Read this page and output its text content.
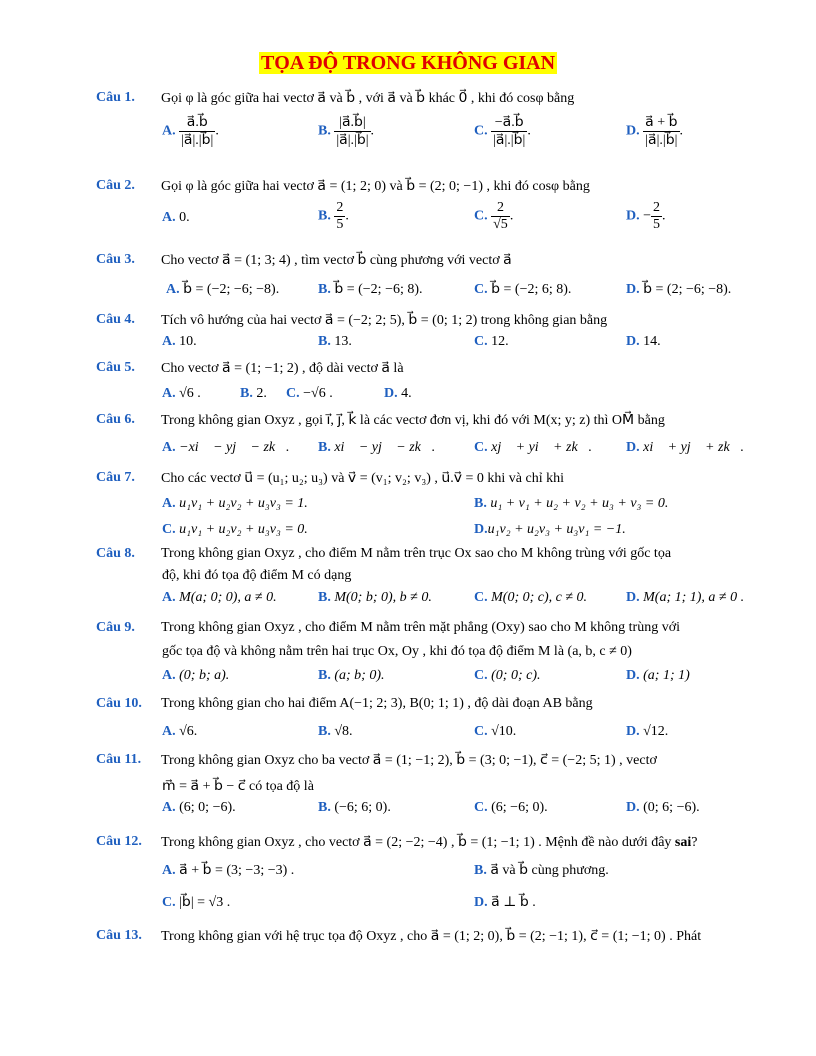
TỌA ĐỘ TRONG KHÔNG GIAN
Câu 1. Gọi φ là góc giữa hai vectơ a⃗ và b⃗ , với a⃗ và b⃗ khác 0⃗ , khi đó cosφ bằng
A. $\frac{a⃗.b⃗}{|a⃗|.|b⃗|}$ .	B. $\frac{|a⃗.b⃗|}{|a⃗|.|b⃗|}$ .	C. $\frac{-a⃗.b⃗}{|a⃗|.|b⃗|}$ .	D. $\frac{a⃗ + b⃗}{|a⃗|.|b⃗|}$ .
Câu 2. Gọi φ là góc giữa hai vectơ a⃗ = (1; 2; 0) và b⃗ = (2; 0; −1) , khi đó cosφ bằng
A. 0.	B. $\frac{2}{5}$ .	C. $\frac{2}{√5}$ .	D. − $\frac{2}{5}$ .
Câu 3. Cho vectơ a⃗ = (1; 3; 4) , tìm vectơ b⃗ cùng phương với vectơ a⃗
A. b⃗ = (−2; −6; −8).	B. b⃗ = (−2; −6; 8).	C. b⃗ = (−2; 6; 8).	D. b⃗ = (2; −6; −8).
Câu 4. Tích vô hướng của hai vectơ a⃗ = (−2; 2; 5), b⃗ = (0; 1; 2) trong không gian bằng
A. 10.	B. 13.	C. 12.	D. 14.
Câu 5. Cho vectơ a⃗ = (1; −1; 2) , độ dài vectơ a⃗ là
A. √6 .	B. 2. C. −√6 .	D. 4.
Câu 6. Trong không gian Oxyz , gọi i⃗, j⃗, k⃗ là các vectơ đơn vị, khi đó với M(x; y; z) thì OM⃗ bằng
A. −xi⃗ − yj⃗ − zk⃗. B. xi⃗ − yj⃗ − zk⃗.	C. xj⃗ + yi⃗ + zk⃗. D. xi⃗ + yj⃗ + zk⃗.
Câu 7. Cho các vectơ u⃗ = (u₁; u₂; u₃) và v⃗ = (v₁; v₂; v₃) , u⃗.v⃗ = 0 khi và chỉ khi
A. u₁v₁ + u₂v₂ + u₃v₃ = 1.	B. u₁ + v₁ + u₂ + v₂ + u₃ + v₃ = 0.
C. u₁v₁ + u₂v₂ + u₃v₃ = 0.	D.u₁v₂ + u₂v₃ + u₃v₁ = −1.
Câu 8. Trong không gian Oxyz , cho điểm M nằm trên trục Ox sao cho M không trùng với gốc tọa
độ, khi đó tọa độ điểm M có dạng
A. M(a; 0; 0), a ≠ 0.	B. M(0; b; 0), b ≠ 0.	C. M(0; 0; c), c ≠ 0.	D. M(a; 1; 1), a ≠ 0 .
Câu 9. Trong không gian Oxyz , cho điểm M nằm trên mặt phẳng (Oxy) sao cho M không trùng với
gốc tọa độ và không nằm trên hai trục Ox, Oy , khi đó tọa độ điểm M là (a, b, c ≠ 0)
A. (0; b; a).	B. (a; b; 0).	C. (0; 0; c).	D. (a; 1; 1)
Câu 10. Trong không gian cho hai điểm A(−1; 2; 3), B(0; 1; 1) , độ dài đoạn AB bằng
A. √6.	B. √8.	C. √10.	D. √12.
Câu 11. Trong không gian Oxyz cho ba vectơ a⃗ = (1; −1; 2), b⃗ = (3; 0; −1), c⃗ = (−2; 5; 1) , vectơ
m⃗ = a⃗ + b⃗ − c⃗ có tọa độ là
A. (6; 0; −6).	B. (−6; 6; 0).	C. (6; −6; 0).	D. (0; 6; −6).
Câu 12. Trong không gian Oxyz , cho vectơ a⃗ = (2; −2; −4) , b⃗ = (1; −1; 1) . Mệnh đề nào dưới đây sai?
A. a⃗ + b⃗ = (3; −3; −3) .	B. a⃗ và b⃗ cùng phương.
C. |b⃗| = √3 .	D. a⃗ ⊥ b⃗ .
Câu 13. Trong không gian với hệ trục tọa độ Oxyz , cho a⃗ = (1; 2; 0), b⃗ = (2; −1; 1), c⃗ = (1; −1; 0) . Phát
